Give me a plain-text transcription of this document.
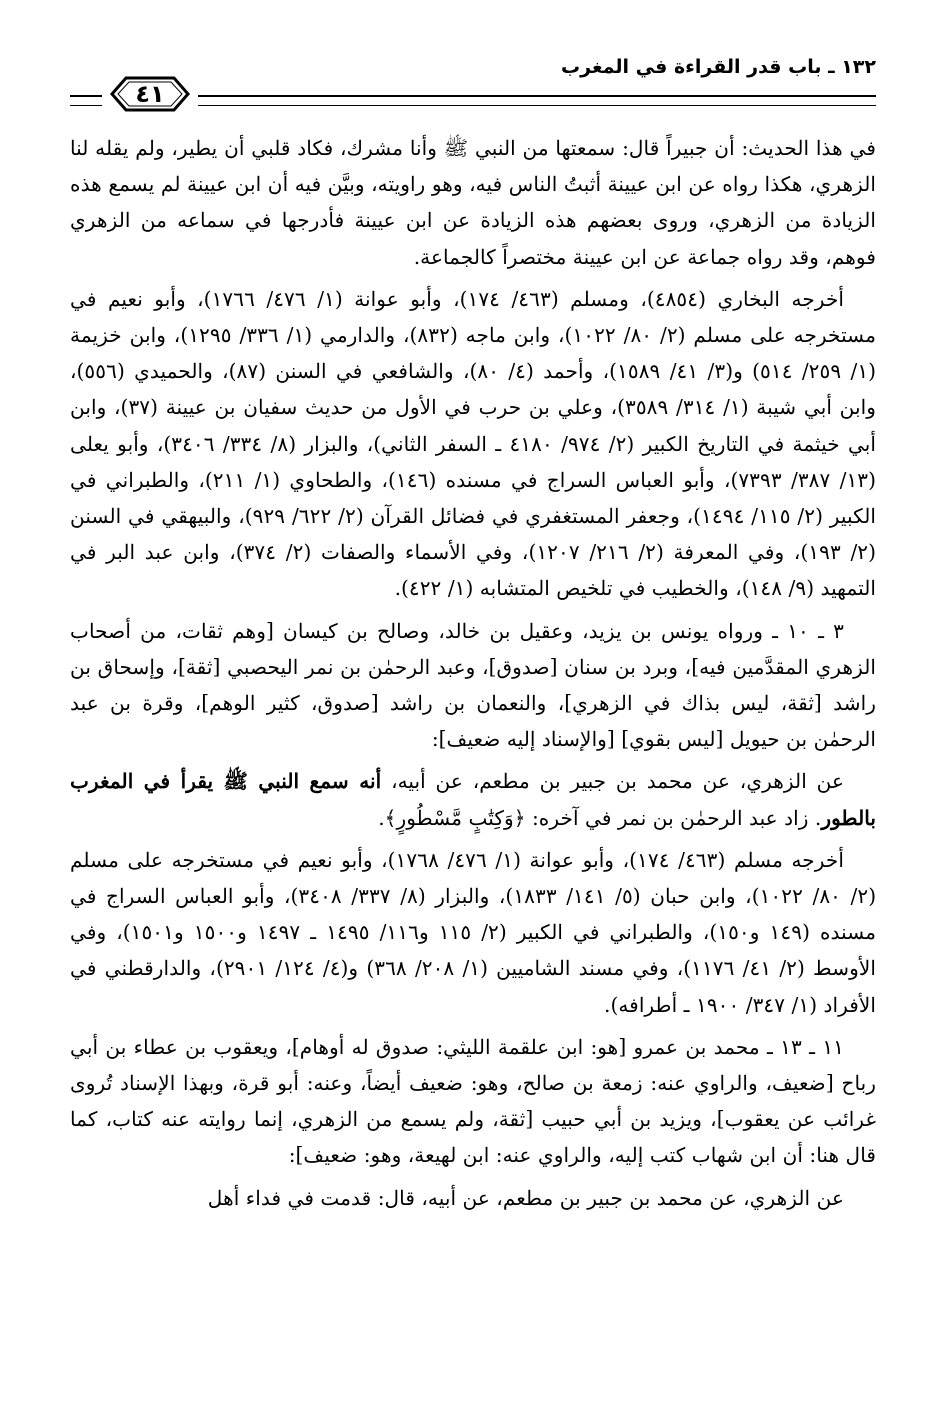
١٣٢ ـ باب قدر القراءة في المغرب
٤١

في هذا الحديث: أن جبيراً قال: سمعتها من النبي ﷺ وأنا مشرك، فكاد قلبي أن يطير، ولم يقله لنا الزهري، هكذا رواه عن ابن عيينة أثبتُ الناس فيه، وهو راويته، وبيَّن فيه أن ابن عيينة لم يسمع هذه الزيادة من الزهري، وروى بعضهم هذه الزيادة عن ابن عيينة فأدرجها في سماعه من الزهري فوهم، وقد رواه جماعة عن ابن عيينة مختصراً كالجماعة.

أخرجه البخاري (٤٨٥٤)، ومسلم (٤٦٣/ ١٧٤)، وأبو عوانة (١/ ٤٧٦/ ١٧٦٦)، وأبو نعيم في مستخرجه على مسلم (٢/ ٨٠/ ١٠٢٢)، وابن ماجه (٨٣٢)، والدارمي (١/ ٣٣٦/ ١٢٩٥)، وابن خزيمة (١/ ٢٥٩/ ٥١٤) و(٣/ ٤١/ ١٥٨٩)، وأحمد (٤/ ٨٠)، والشافعي في السنن (٨٧)، والحميدي (٥٥٦)، وابن أبي شيبة (١/ ٣١٤/ ٣٥٨٩)، وعلي بن حرب في الأول من حديث سفيان بن عيينة (٣٧)، وابن أبي خيثمة في التاريخ الكبير (٢/ ٩٧٤/ ٤١٨٠ ـ السفر الثاني)، والبزار (٨/ ٣٣٤/ ٣٤٠٦)، وأبو يعلى (١٣/ ٣٨٧/ ٧٣٩٣)، وأبو العباس السراج في مسنده (١٤٦)، والطحاوي (١/ ٢١١)، والطبراني في الكبير (٢/ ١١٥/ ١٤٩٤)، وجعفر المستغفري في فضائل القرآن (٢/ ٦٢٢/ ٩٢٩)، والبيهقي في السنن (٢/ ١٩٣)، وفي المعرفة (٢/ ٢١٦/ ١٢٠٧)، وفي الأسماء والصفات (٢/ ٣٧٤)، وابن عبد البر في التمهيد (٩/ ١٤٨)، والخطيب في تلخيص المتشابه (١/ ٤٢٢).

٣ ـ ١٠ ـ ورواه يونس بن يزيد، وعقيل بن خالد، وصالح بن كيسان [وهم ثقات، من أصحاب الزهري المقدَّمين فيه]، وبرد بن سنان [صدوق]، وعبد الرحمٰن بن نمر اليحصبي [ثقة]، وإسحاق بن راشد [ثقة، ليس بذاك في الزهري]، والنعمان بن راشد [صدوق، كثير الوهم]، وقرة بن عبد الرحمٰن بن حيويل [ليس بقوي] [والإسناد إليه ضعيف]:

عن الزهري، عن محمد بن جبير بن مطعم، عن أبيه، أنه سمع النبي ﷺ يقرأ في المغرب بالطور. زاد عبد الرحمٰن بن نمر في آخره: ﴿وَكِتَٰبٍ مَّسْطُورٍ﴾.

أخرجه مسلم (٤٦٣/ ١٧٤)، وأبو عوانة (١/ ٤٧٦/ ١٧٦٨)، وأبو نعيم في مستخرجه على مسلم (٢/ ٨٠/ ١٠٢٢)، وابن حبان (٥/ ١٤١/ ١٨٣٣)، والبزار (٨/ ٣٣٧/ ٣٤٠٨)، وأبو العباس السراج في مسنده (١٤٩ و١٥٠)، والطبراني في الكبير (٢/ ١١٥ و١١٦/ ١٤٩٥ ـ ١٤٩٧ و١٥٠٠ و١٥٠١)، وفي الأوسط (٢/ ٤١/ ١١٧٦)، وفي مسند الشاميين (١/ ٢٠٨/ ٣٦٨) و(٤/ ١٢٤/ ٢٩٠١)، والدارقطني في الأفراد (١/ ٣٤٧/ ١٩٠٠ ـ أطرافه).

١١ ـ ١٣ ـ محمد بن عمرو [هو: ابن علقمة الليثي: صدوق له أوهام]، ويعقوب بن عطاء بن أبي رباح [ضعيف، والراوي عنه: زمعة بن صالح، وهو: ضعيف أيضاً، وعنه: أبو قرة، وبهذا الإسناد تُروى غرائب عن يعقوب]، ويزيد بن أبي حبيب [ثقة، ولم يسمع من الزهري، إنما روايته عنه كتاب، كما قال هنا: أن ابن شهاب كتب إليه، والراوي عنه: ابن لهيعة، وهو: ضعيف]:

عن الزهري، عن محمد بن جبير بن مطعم، عن أبيه، قال: قدمت في فداء أهل
